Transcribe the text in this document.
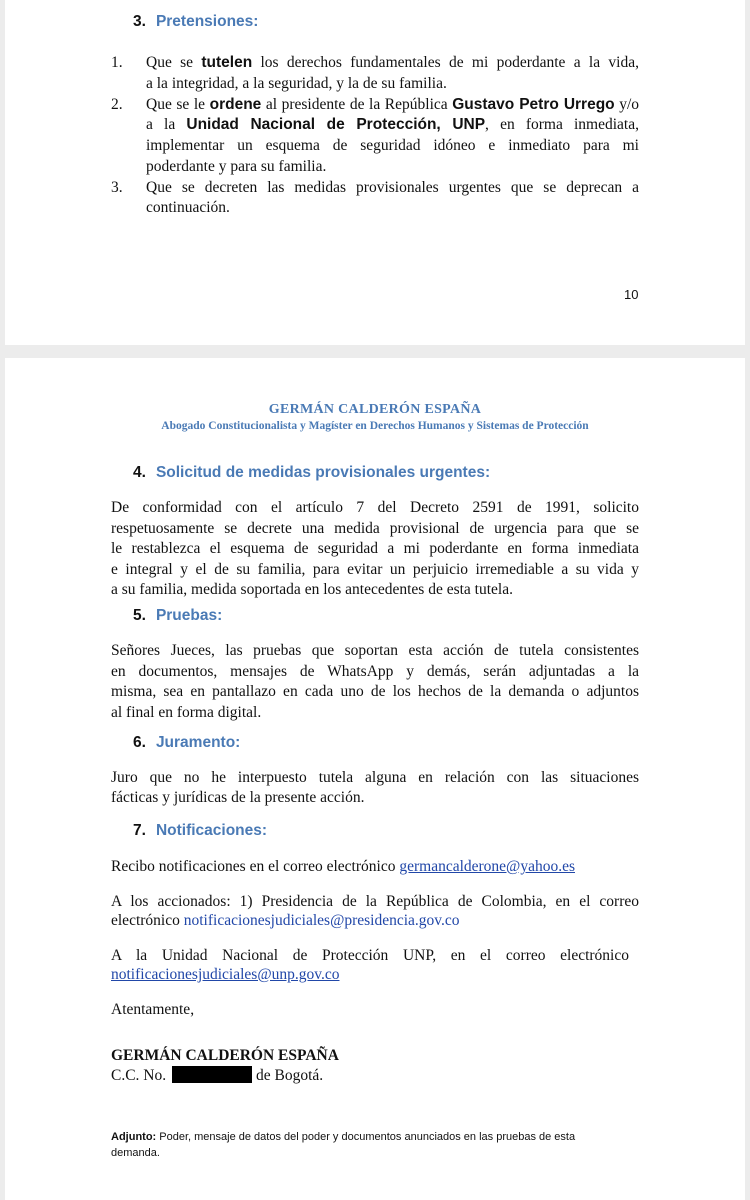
3. Pretensiones:
1. Que se tutelen los derechos fundamentales de mi poderdante a la vida,
a la integridad, a la seguridad, y la de su familia.
2. Que se le ordene al presidente de la República Gustavo Petro Urrego y/o
a la Unidad Nacional de Protección, UNP, en forma inmediata,
implementar un esquema de seguridad idóneo e inmediato para mi
poderdante y para su familia.
3. Que se decreten las medidas provisionales urgentes que se deprecan a
continuación.
10
GERMÁN CALDERÓN ESPAÑA
Abogado Constitucionalista y Magíster en Derechos Humanos y Sistemas de Protección
4. Solicitud de medidas provisionales urgentes:
De conformidad con el artículo 7 del Decreto 2591 de 1991, solicito
respetuosamente se decrete una medida provisional de urgencia para que se
le restablezca el esquema de seguridad a mi poderdante en forma inmediata
e integral y el de su familia, para evitar un perjuicio irremediable a su vida y
a su familia, medida soportada en los antecedentes de esta tutela.
5. Pruebas:
Señores Jueces, las pruebas que soportan esta acción de tutela consistentes
en documentos, mensajes de WhatsApp y demás, serán adjuntadas a la
misma, sea en pantallazo en cada uno de los hechos de la demanda o adjuntos
al final en forma digital.
6. Juramento:
Juro que no he interpuesto tutela alguna en relación con las situaciones
fácticas y jurídicas de la presente acción.
7. Notificaciones:
Recibo notificaciones en el correo electrónico germancalderone@yahoo.es
A los accionados: 1) Presidencia de la República de Colombia, en el correo
electrónico notificacionesjudiciales@presidencia.gov.co
A la Unidad Nacional de Protección UNP, en el correo electrónico
notificacionesjudiciales@unp.gov.co
Atentamente,
GERMÁN CALDERÓN ESPAÑA
C.C. No.	de Bogotá.
Adjunto: Poder, mensaje de datos del poder y documentos anunciados en las pruebas de esta
demanda.
